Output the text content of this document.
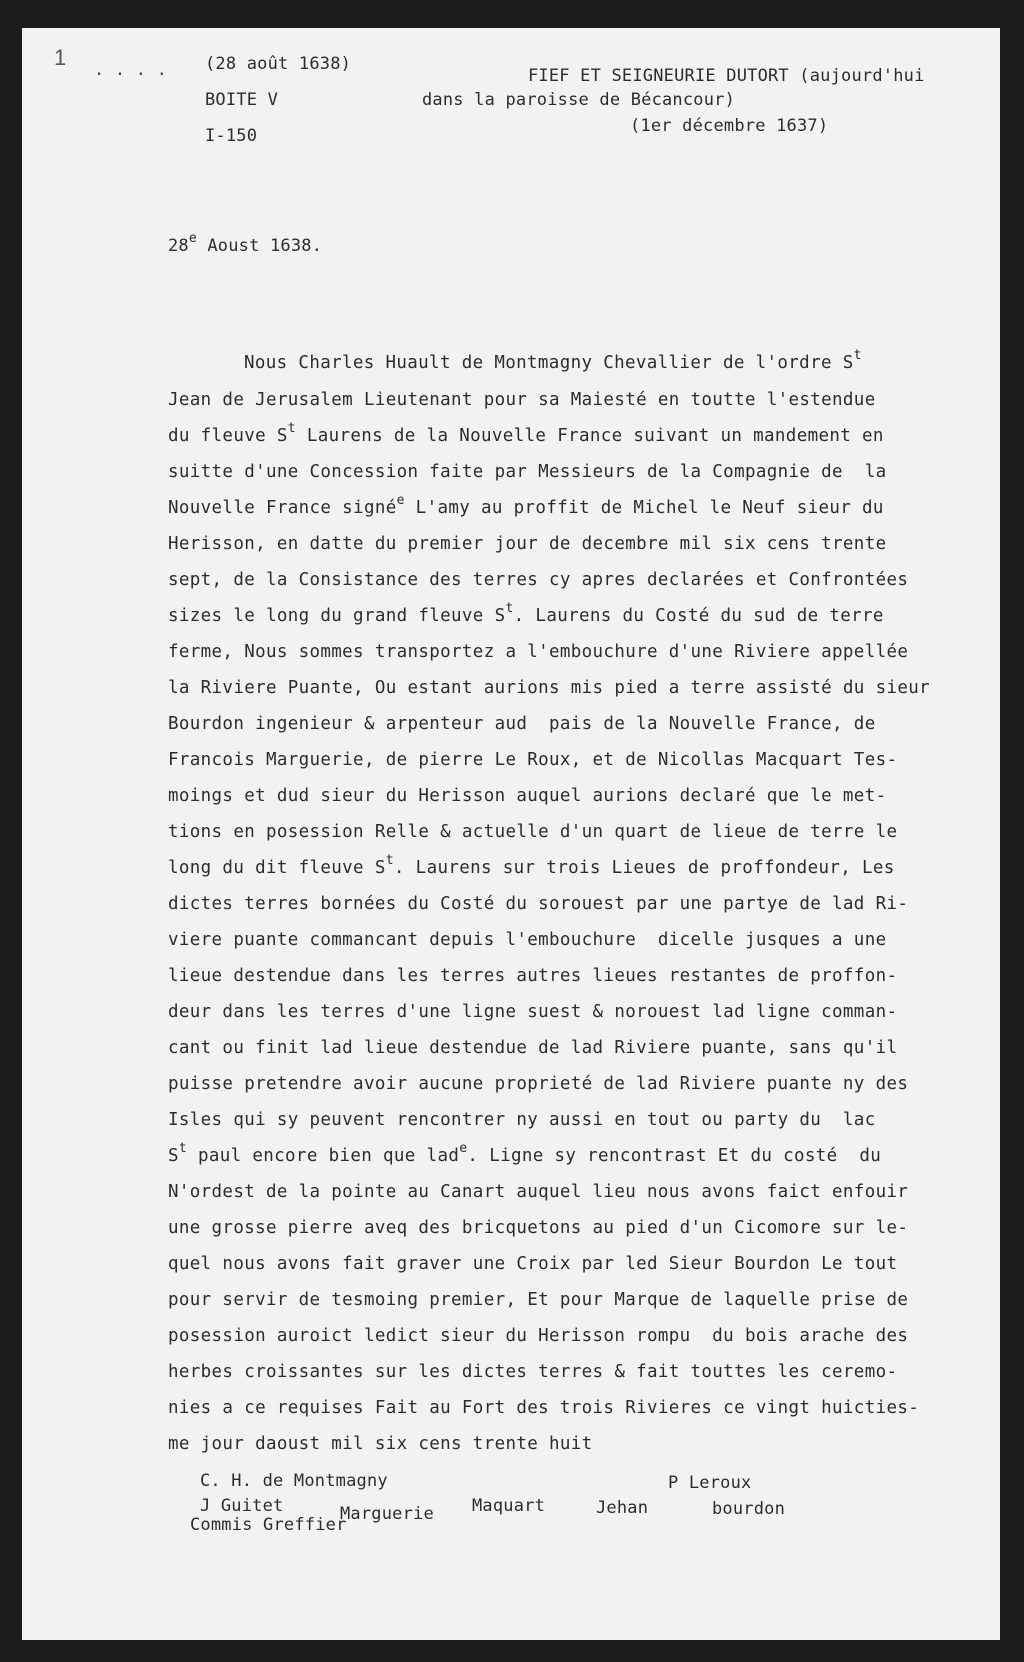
1 . . . . (28 août 1638)
BOITE V
I-150
FIEF ET SEIGNEURIE DUTORT (aujourd'hui
dans la paroisse de Bécancour)
(1er décembre 1637)
28e Aoust 1638.
Nous Charles Huault de Montmagny Chevallier de l'ordre $S^t$
Jean de Jerusalem Lieutenant pour sa Maiesté en toutte l'estendue
du fleuve $S^t$ Laurens de la Nouvelle France suivant un mandement en
suitte d'une Concession faite par Messieurs de la Compagnie de  la
Nouvelle France signé$^e$ L'amy au proffit de Michel le Neuf sieur du
Herisson, en datte du premier jour de decembre mil six cens trente
sept, de la Consistance des terres cy apres declarées et Confrontées
sizes le long du grand fleuve $S^t$. Laurens du Costé du sud de terre
ferme, Nous sommes transportez a l'embouchure d'une Riviere appellée
la Riviere Puante, Ou estant aurions mis pied a terre assisté du sieur
Bourdon ingenieur & arpenteur aud  pais de la Nouvelle France, de
Francois Marguerie, de pierre Le Roux, et de Nicollas Macquart Tes-
moings et dud sieur du Herisson auquel aurions declaré que le met-
tions en posession Relle & actuelle d'un quart de lieue de terre le
long du dit fleuve $S^t$. Laurens sur trois Lieues de proffondeur, Les
dictes terres bornées du Costé du sorouest par une partye de lad Ri-
viere puante commancant depuis l'embouchure  dicelle jusques a une
lieue destendue dans les terres autres lieues restantes de proffon-
deur dans les terres d'une ligne suest & norouest lad ligne comman-
cant ou finit lad lieue destendue de lad Riviere puante, sans qu'il
puisse pretendre avoir aucune proprieté de lad Riviere puante ny des
Isles qui sy peuvent rencontrer ny aussi en tout ou party du  lac
$S^t$ paul encore bien que lad$^e$. Ligne sy rencontrast Et du costé  du
N'ordest de la pointe au Canart auquel lieu nous avons faict enfouir
une grosse pierre aveq des bricquetons au pied d'un Cicomore sur le-
quel nous avons fait graver une Croix par led Sieur Bourdon Le tout
pour servir de tesmoing premier, Et pour Marque de laquelle prise de
posession auroict ledict sieur du Herisson rompu  du bois arache des
herbes croissantes sur les dictes terres & fait touttes les ceremo-
nies a ce requises Fait au Fort des trois Rivieres ce vingt huicties-
me jour daoust mil six cens trente huit
C. H. de Montmagny
J Guitet
Commis Greffier
Marguerie Maquart	Jehan
P Leroux
bourdon
